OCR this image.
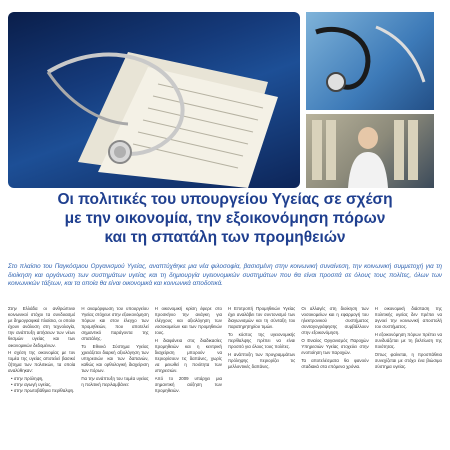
Οι πολιτικές του υπουργείου Υγείας σε σχέση
με την οικονομία, την εξοικονόμηση πόρων
και τη σπατάλη των προμηθειών

Στο πλαίσιο του Παγκόσμιου Οργανισμού Υγείας, αναπτύχθηκε μια νέα φιλοσοφία, βασισμένη στην κοινωνική συναίνεση, την κοινωνική συμμετοχή για τη διοίκηση και οργάνωση των συστημάτων υγείας και τη δημιουργία υγειονομικών συστημάτων που θα είναι προσιτά σε όλους τους πολίτες, όλων των κοινωνικών τάξεων, και τα οποία θα είναι οικονομικά και κοινωνικά αποδοτικά.

Στην Ελλάδα οι ανθρώπινοι κοινωνικοί στόχοι τα συνδυασμό με δημογραφικά πλαίσια, οι οποίοι έχουν ανάλυση στη τεχνολογία, την ανάπτυξη αιτήσεων των νέων θεσμών υγείας και των οικονομικών δεδομένων.

Η σχέση της οικονομίας με τον τομέα της υγείας αποτελεί βασικό ζήτημα των πολιτικών, τα οποία αναλύθηκαν:

• στην πρόληψη,
• στην αγωγή υγείας,
• στην πρωτοβάθμια περίθαλψη.

Η αναμόρφωση του υπουργείου Υγείας στόχευε στην εξοικονόμηση πόρων και στον έλεγχο των προμηθειών, που αποτελεί σημαντικό παράγοντα της σπατάλης.

Το Εθνικό Σύστημα Υγείας χρειάζεται διαρκή αξιολόγηση των υπηρεσιών και των δαπανών, καθώς και ορθολογική διαχείριση των πόρων.

Για την ανάπτυξη του τομέα υγείας η πολιτική περιλαμβάνει:

Η οικονομική κρίση έφερε στο προσκήνιο την ανάγκη για ελέγχους και αξιολόγηση των νοσοκομείων και των προμηθειών τους.

Η διαφάνεια στις διαδικασίες προμηθειών και η κεντρική διαχείριση μπορούν να περιορίσουν τις δαπάνες, χωρίς να μειωθεί η ποιότητα των υπηρεσιών.

Από το 2009 υπάρχει μια σημαντική αύξηση των προμηθειών.

Η Επιτροπή Προμηθειών Υγείας έχει αναλάβει τον συντονισμό των διαγωνισμών και τη σύνταξη του παρατηρητηρίου τιμών.

Το κόστος της υγειονομικής περίθαλψης πρέπει να είναι προσιτό για όλους τους πολίτες.

Η ανάπτυξη των προγραμμάτων πρόληψης περιορίζει τις μελλοντικές δαπάνες.

Οι αλλαγές στη διοίκηση των νοσοκομείων και η εφαρμογή του ηλεκτρονικού συστήματος συνταγογράφησης συμβάλλουν στην εξοικονόμηση.

Ο Ενιαίος Οργανισμός Παροχών Υπηρεσιών Υγείας στοχεύει στην ενοποίηση των παροχών.

Τα αποτελέσματα θα φανούν σταδιακά στα επόμενα χρόνια.

Η οικονομική διάσταση της πολιτικής υγείας δεν πρέπει να αγνοεί την κοινωνική αποστολή του συστήματος.

Η εξοικονόμηση πόρων πρέπει να συνδυάζεται με τη βελτίωση της ποιότητας.

Όπως φαίνεται, η προσπάθεια συνεχίζεται με στόχο ένα βιώσιμο σύστημα υγείας.
